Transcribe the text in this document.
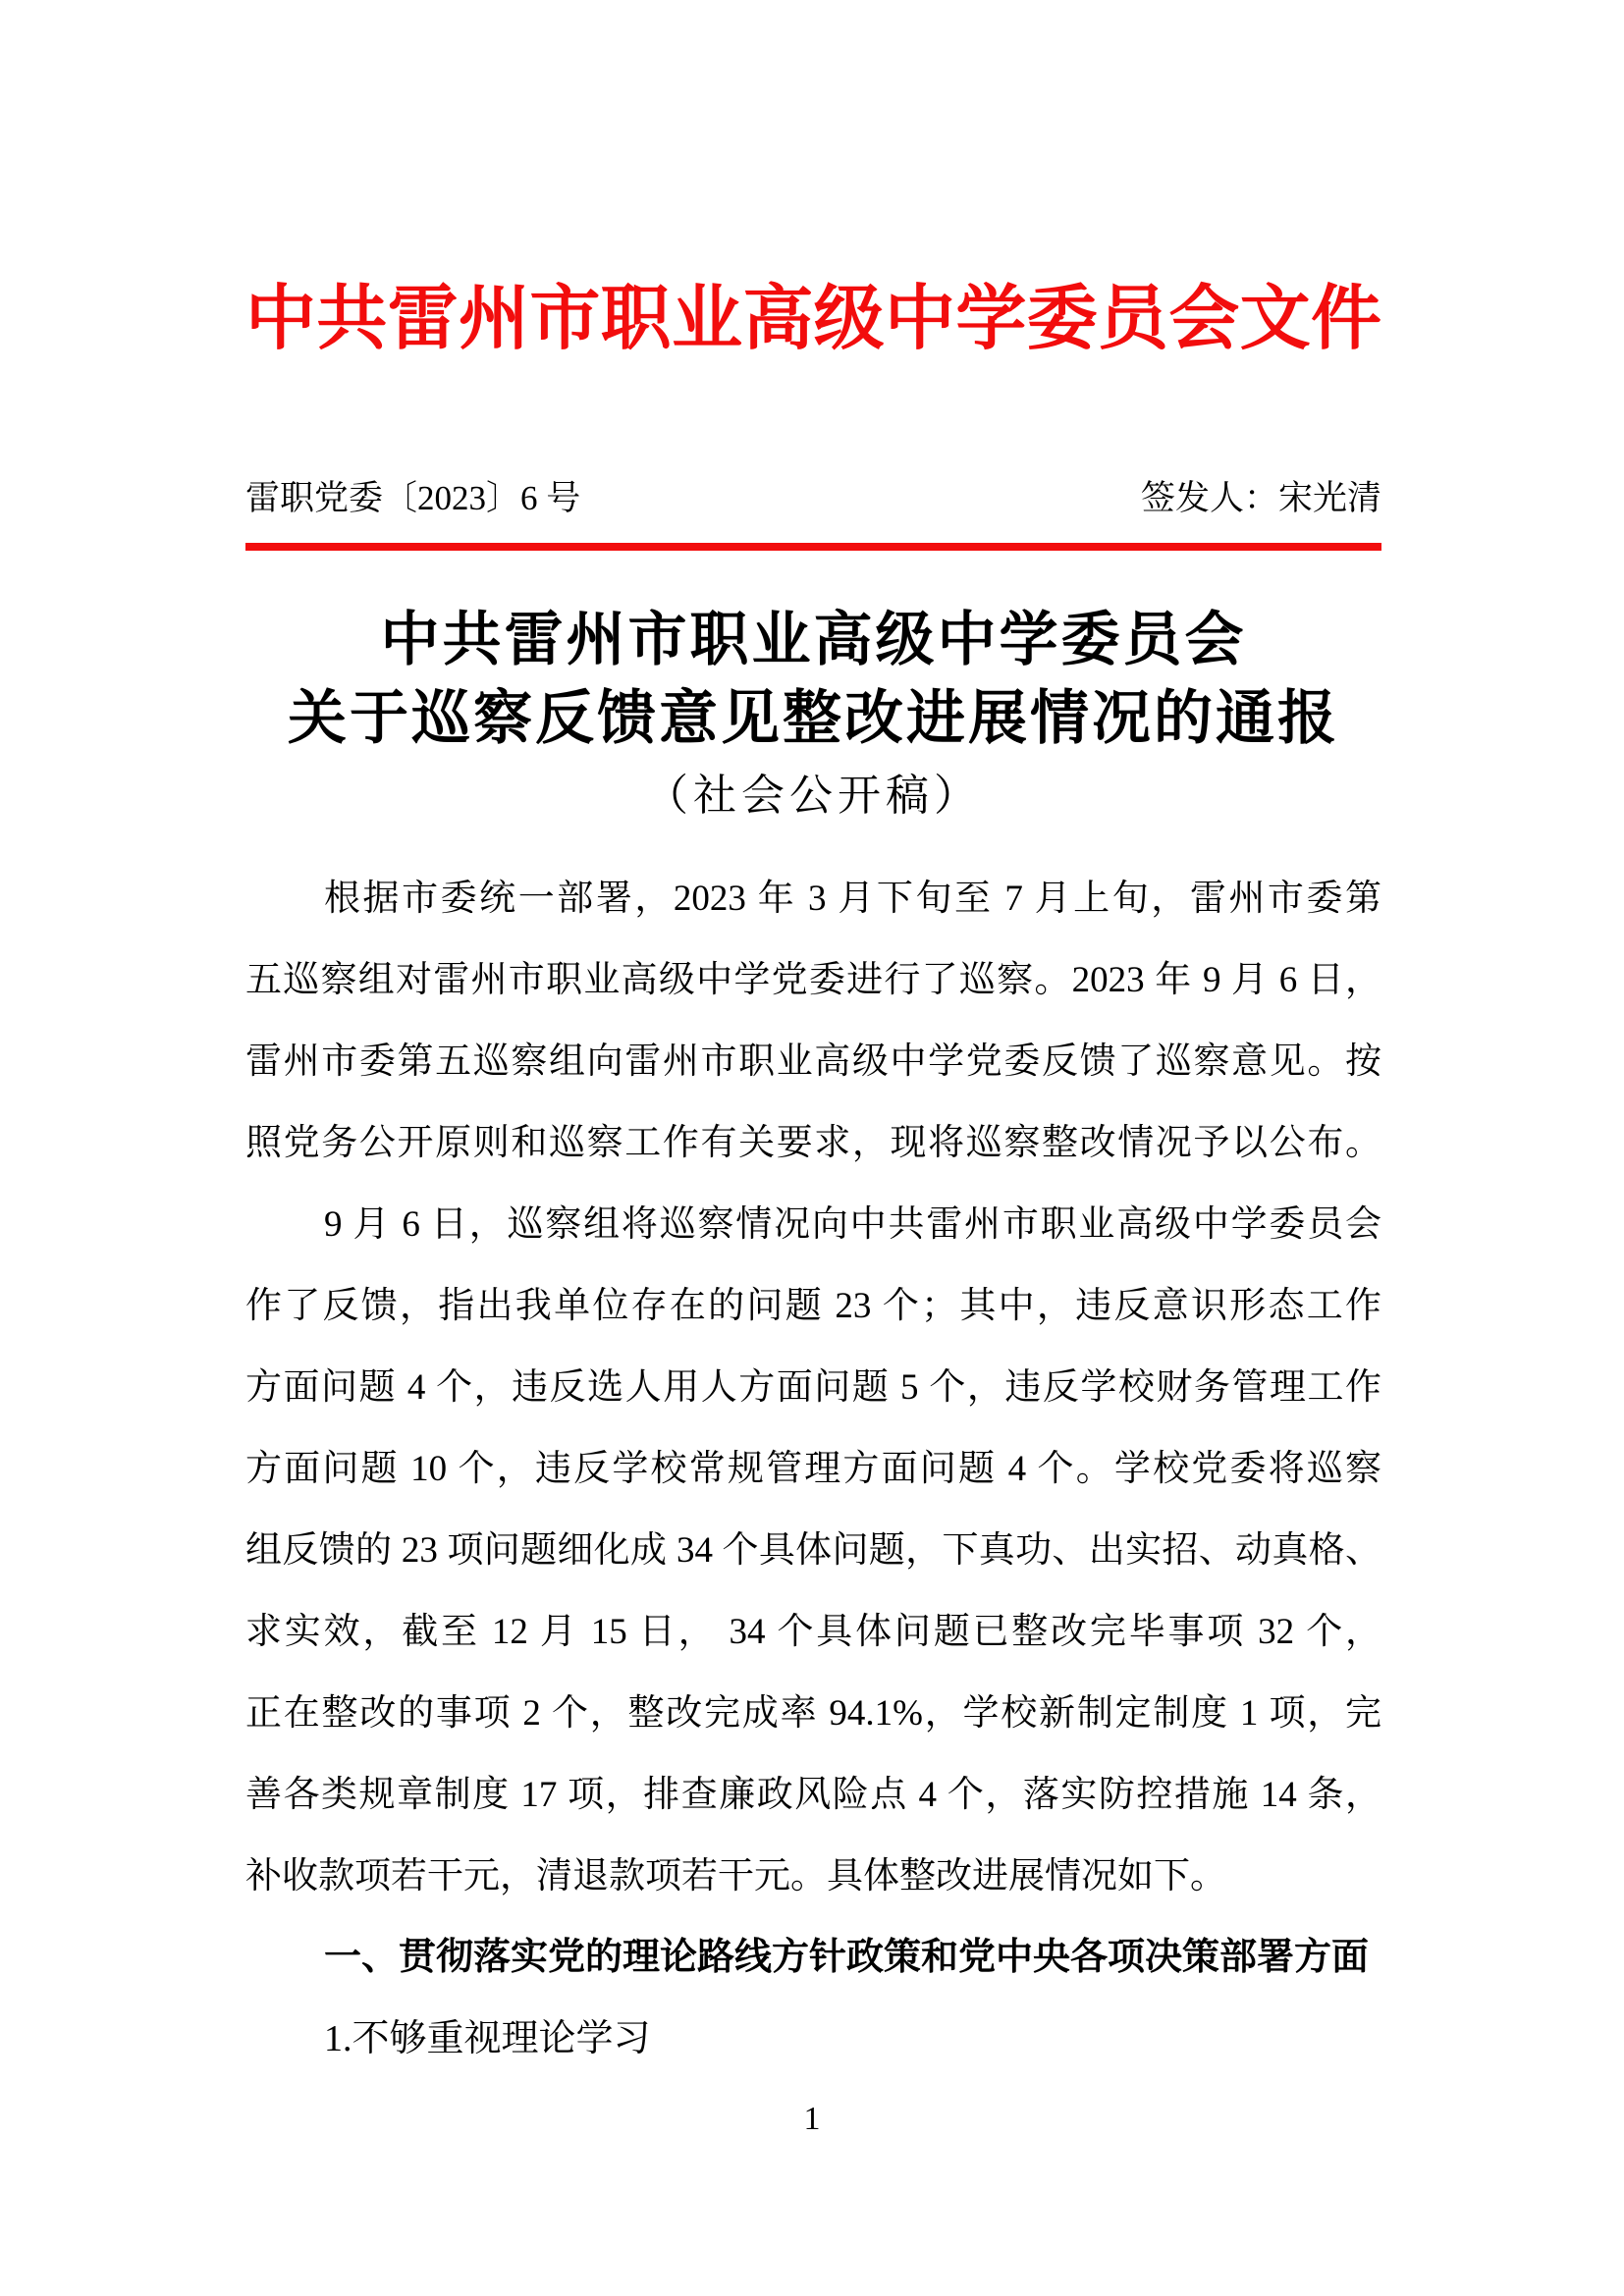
中共雷州市职业高级中学委员会文件
雷职党委〔2023〕6 号	签发人：宋光清
中共雷州市职业高级中学委员会
关于巡察反馈意见整改进展情况的通报
（社会公开稿）
根据市委统一部署，2023 年 3 月下旬至 7 月上旬，雷州市委第
五巡察组对雷州市职业高级中学党委进行了巡察。2023 年 9 月 6 日，
雷州市委第五巡察组向雷州市职业高级中学党委反馈了巡察意见。按
照党务公开原则和巡察工作有关要求，现将巡察整改情况予以公布。
9 月 6 日，巡察组将巡察情况向中共雷州市职业高级中学委员会
作了反馈，指出我单位存在的问题 23 个；其中，违反意识形态工作
方面问题 4 个，违反选人用人方面问题 5 个，违反学校财务管理工作
方面问题 10 个，违反学校常规管理方面问题 4 个。学校党委将巡察
组反馈的 23 项问题细化成 34 个具体问题，下真功、出实招、动真格、
求实效，截至 12 月 15 日， 34 个具体问题已整改完毕事项 32 个，
正在整改的事项 2 个，整改完成率 94.1%，学校新制定制度 1 项，完
善各类规章制度 17 项，排查廉政风险点 4 个，落实防控措施 14 条，
补收款项若干元，清退款项若干元。具体整改进展情况如下。
一、贯彻落实党的理论路线方针政策和党中央各项决策部署方面
1.不够重视理论学习
1
